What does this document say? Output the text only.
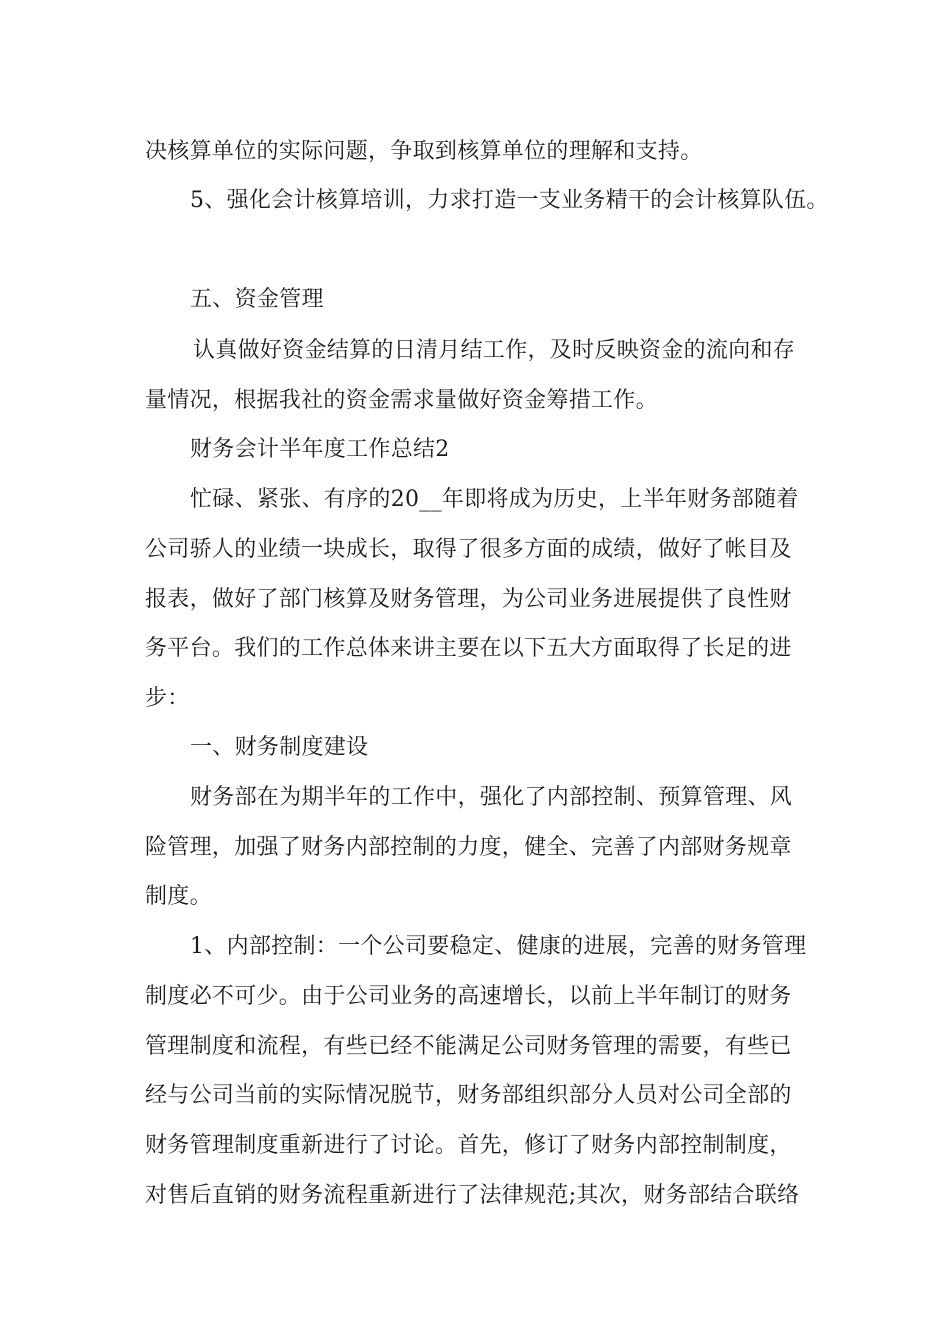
决核算单位的实际问题，争取到核算单位的理解和支持。
5、强化会计核算培训，力求打造一支业务精干的会计核算队伍。
五、资金管理
认真做好资金结算的日清月结工作，及时反映资金的流向和存
量情况，根据我社的资金需求量做好资金筹措工作。
财务会计半年度工作总结2
忙碌、紧张、有序的20__年即将成为历史，上半年财务部随着
公司骄人的业绩一块成长，取得了很多方面的成绩，做好了帐目及
报表，做好了部门核算及财务管理，为公司业务进展提供了良性财
务平台。我们的工作总体来讲主要在以下五大方面取得了长足的进
步：
一、财务制度建设
财务部在为期半年的工作中，强化了内部控制、预算管理、风
险管理，加强了财务内部控制的力度，健全、完善了内部财务规章
制度。
1、内部控制：一个公司要稳定、健康的进展，完善的财务管理
制度必不可少。由于公司业务的高速增长，以前上半年制订的财务
管理制度和流程，有些已经不能满足公司财务管理的需要，有些已
经与公司当前的实际情况脱节，财务部组织部分人员对公司全部的
财务管理制度重新进行了讨论。首先，修订了财务内部控制制度，
对售后直销的财务流程重新进行了法律规范;其次，财务部结合联络
